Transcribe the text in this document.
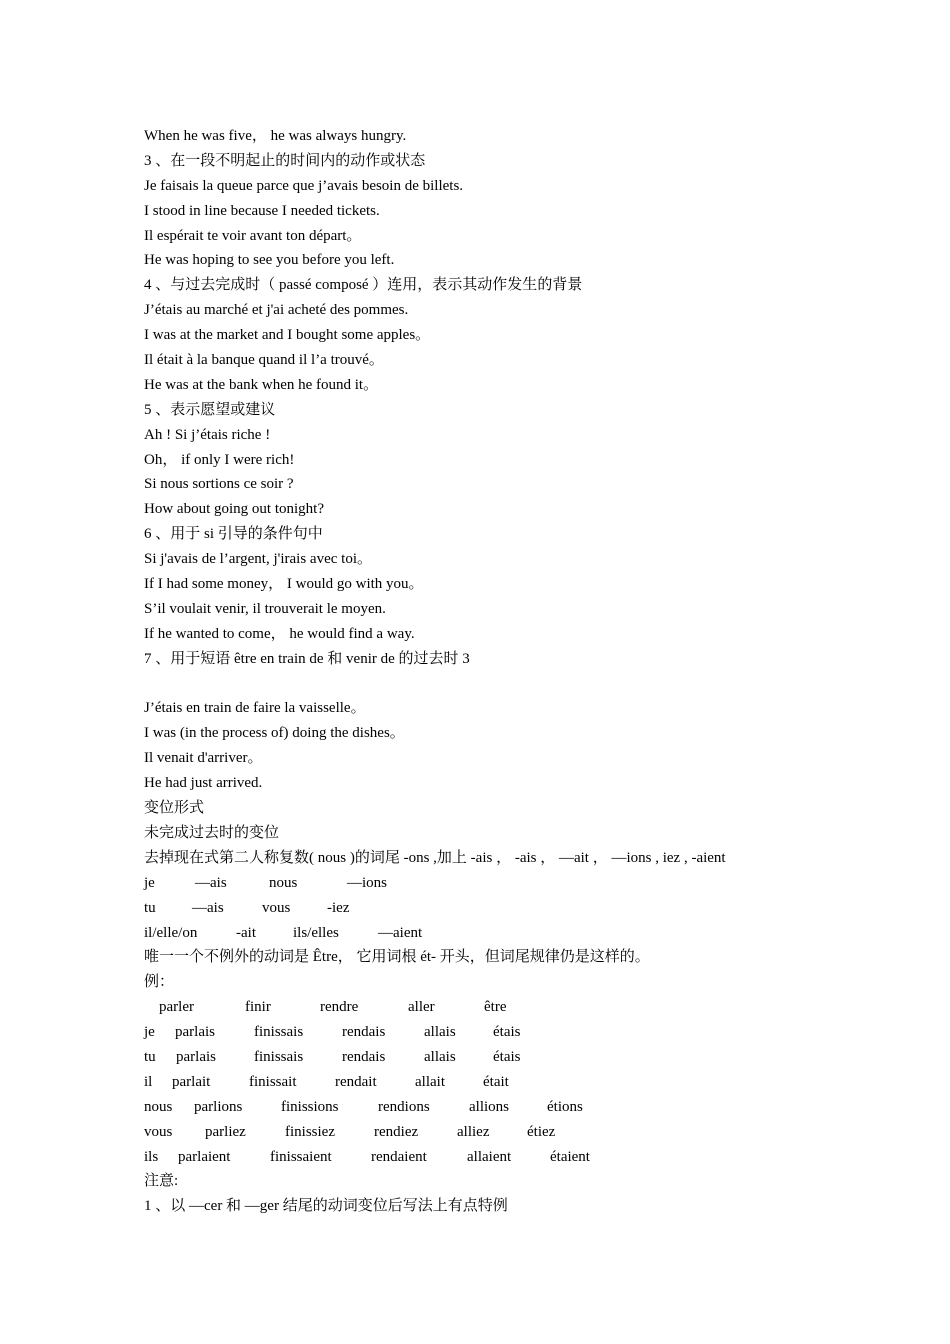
When he was five， he was always hungry.
3 、在一段不明起止的时间内的动作或状态
Je faisais la queue parce que j’avais besoin de billets.
I stood in line because I needed tickets.
Il espérait te voir avant ton départ。
He was hoping to see you before you left.
4 、与过去完成时（ passé composé ）连用，表示其动作发生的背景
J’étais au marché et j'ai acheté des pommes.
I was at the market and I bought some apples。
Il était à la banque quand il l’a trouvé。
He was at the bank when he found it。
5 、表示愿望或建议
Ah ! Si j’étais riche !
Oh， if only I were rich!
Si nous sortions ce soir ?
How about going out tonight?
6 、用于 si 引导的条件句中
Si j'avais de l’argent, j'irais avec toi。
If I had some money， I would go with you。
S’il voulait venir, il trouverait le moyen.
If he wanted to come， he would find a way.
7 、用于短语 être en train de 和 venir de 的过去时 3
J’étais en train de faire la vaisselle。
I was (in the process of) doing the dishes。
Il venait d'arriver。
He had just arrived.
变位形式
未完成过去时的变位
去掉现在式第二人称复数( nous )的词尾 -ons ,加上 -ais ， -ais ， —ait ， —ions , iez , -aient
je	—ais	nous	—ions
tu —ais	vous -iez
il/elle/on	-ait ils/elles	—aient
唯一一个不例外的动词是 Être， 它用词根 ét- 开头，但词尾规律仍是这样的。
例：
parler	finir	rendre	aller	être
je parlais	finissais	rendais	allais étais
tu parlais	finissais	rendais	allais étais
il parlait	finissait	rendait	allait	était
nous parlions	finissions	rendions	allions	étions
vous parliez	finissiez	rendiez	alliez	étiez
ils parlaient	finissaient	rendaient	allaient	étaient
注意:
1 、以 —cer 和 —ger 结尾的动词变位后写法上有点特例
